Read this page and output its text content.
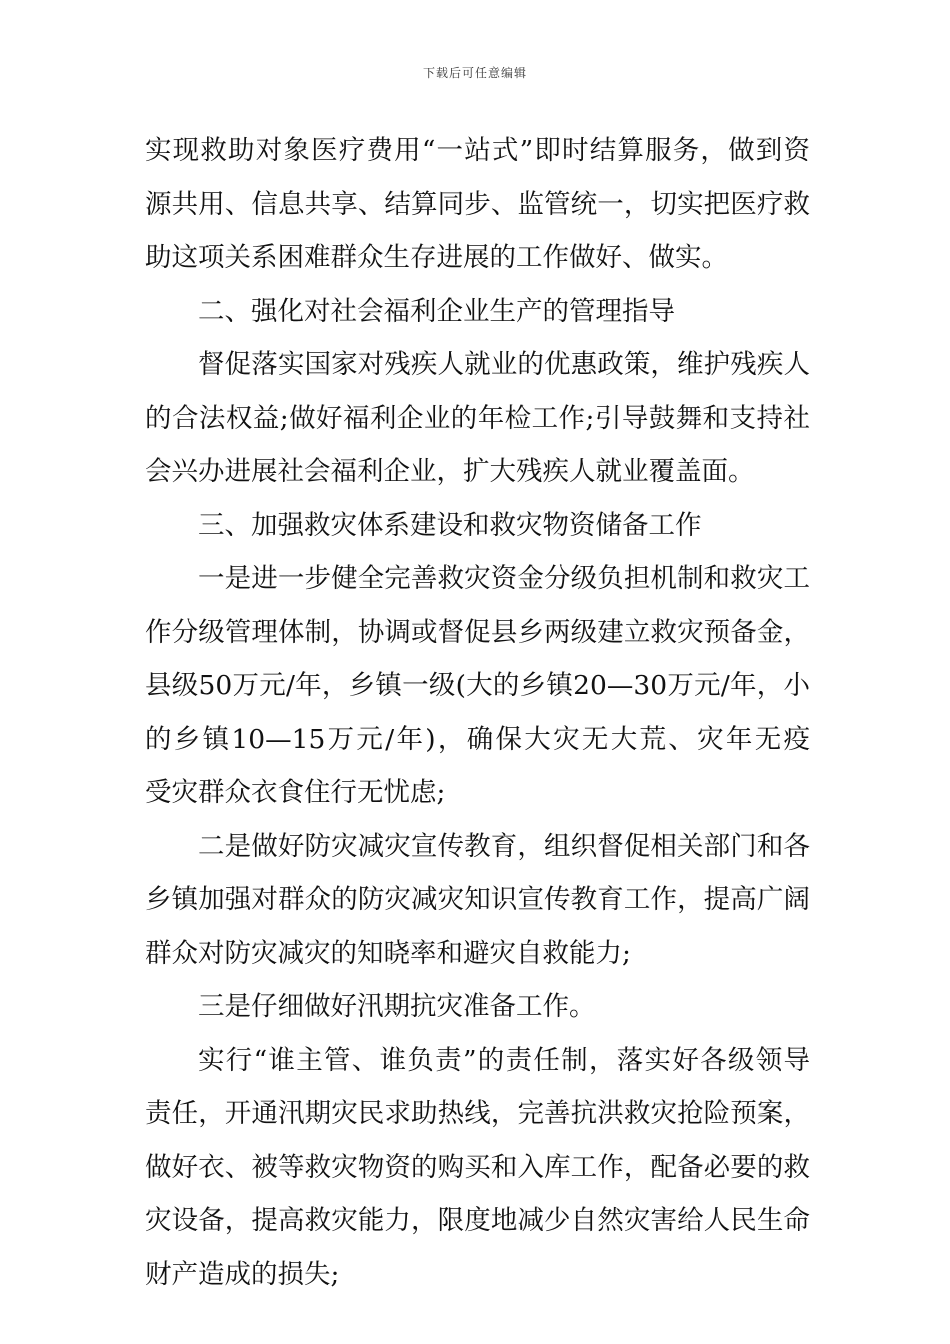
下载后可任意编辑
实现救助对象医疗费用“一站式”即时结算服务，做到资
源共用、信息共享、结算同步、监管统一，切实把医疗救
助这项关系困难群众生存进展的工作做好、做实。
二、强化对社会福利企业生产的管理指导
督促落实国家对残疾人就业的优惠政策，维护残疾人
的合法权益;做好福利企业的年检工作;引导鼓舞和支持社
会兴办进展社会福利企业，扩大残疾人就业覆盖面。
三、加强救灾体系建设和救灾物资储备工作
一是进一步健全完善救灾资金分级负担机制和救灾工
作分级管理体制，协调或督促县乡两级建立救灾预备金，
县级50万元/年，乡镇一级(大的乡镇20—30万元/年，小
的乡镇10—15万元/年)，确保大灾无大荒、灾年无疫
受灾群众衣食住行无忧虑;
二是做好防灾减灾宣传教育，组织督促相关部门和各
乡镇加强对群众的防灾减灾知识宣传教育工作，提高广阔
群众对防灾减灾的知晓率和避灾自救能力;
三是仔细做好汛期抗灾准备工作。
实行“谁主管、谁负责”的责任制，落实好各级领导
责任，开通汛期灾民求助热线，完善抗洪救灾抢险预案，
做好衣、被等救灾物资的购买和入库工作，配备必要的救
灾设备，提高救灾能力，限度地减少自然灾害给人民生命
财产造成的损失;
